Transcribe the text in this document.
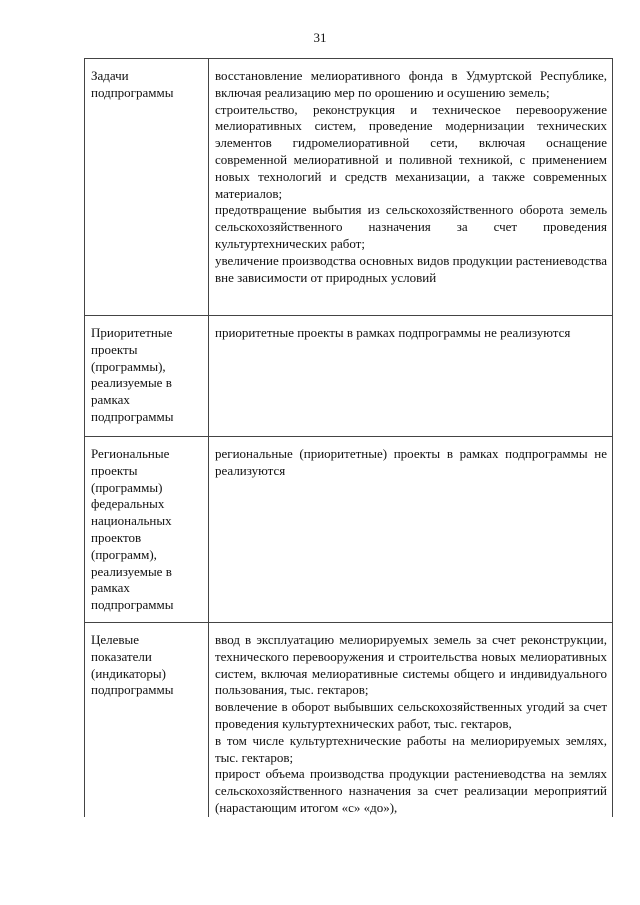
31
Задачи подпрограммы	восстановление мелиоративного фонда в Удмуртской Республике, включая реализацию мер по орошению и осушению земель;
строительство, реконструкция и техническое перевооружение мелиоративных систем, проведение модернизации технических элементов гидромелиоративной сети, включая оснащение современной мелиоративной и поливной техникой, с применением новых технологий и средств механизации, а также современных материалов;
предотвращение выбытия из сельскохозяйственного оборота земель сельскохозяйственного назначения за счет проведения культуртехнических работ;
увеличение производства основных видов продукции растениеводства вне зависимости от природных условий

Приоритетные проекты (программы), реализуемые в рамках подпрограммы	приоритетные проекты в рамках подпрограммы не реализуются

Региональные проекты (программы) федеральных национальных проектов (программ), реализуемые в рамках подпрограммы	региональные (приоритетные) проекты в рамках подпрограммы не реализуются

Целевые показатели (индикаторы) подпрограммы	ввод в эксплуатацию мелиорируемых земель за счет реконструкции, технического перевооружения и строительства новых мелиоративных систем, включая мелиоративные системы общего и индивидуального пользования, тыс. гектаров;
вовлечение в оборот выбывших сельскохозяйственных угодий за счет проведения культуртехнических работ, тыс. гектаров,
в том числе культуртехнические работы на мелиорируемых землях, тыс. гектаров;
прирост объема производства продукции растениеводства на землях сельскохозяйственного назначения за счет реализации мероприятий (нарастающим итогом «с» «до»),
